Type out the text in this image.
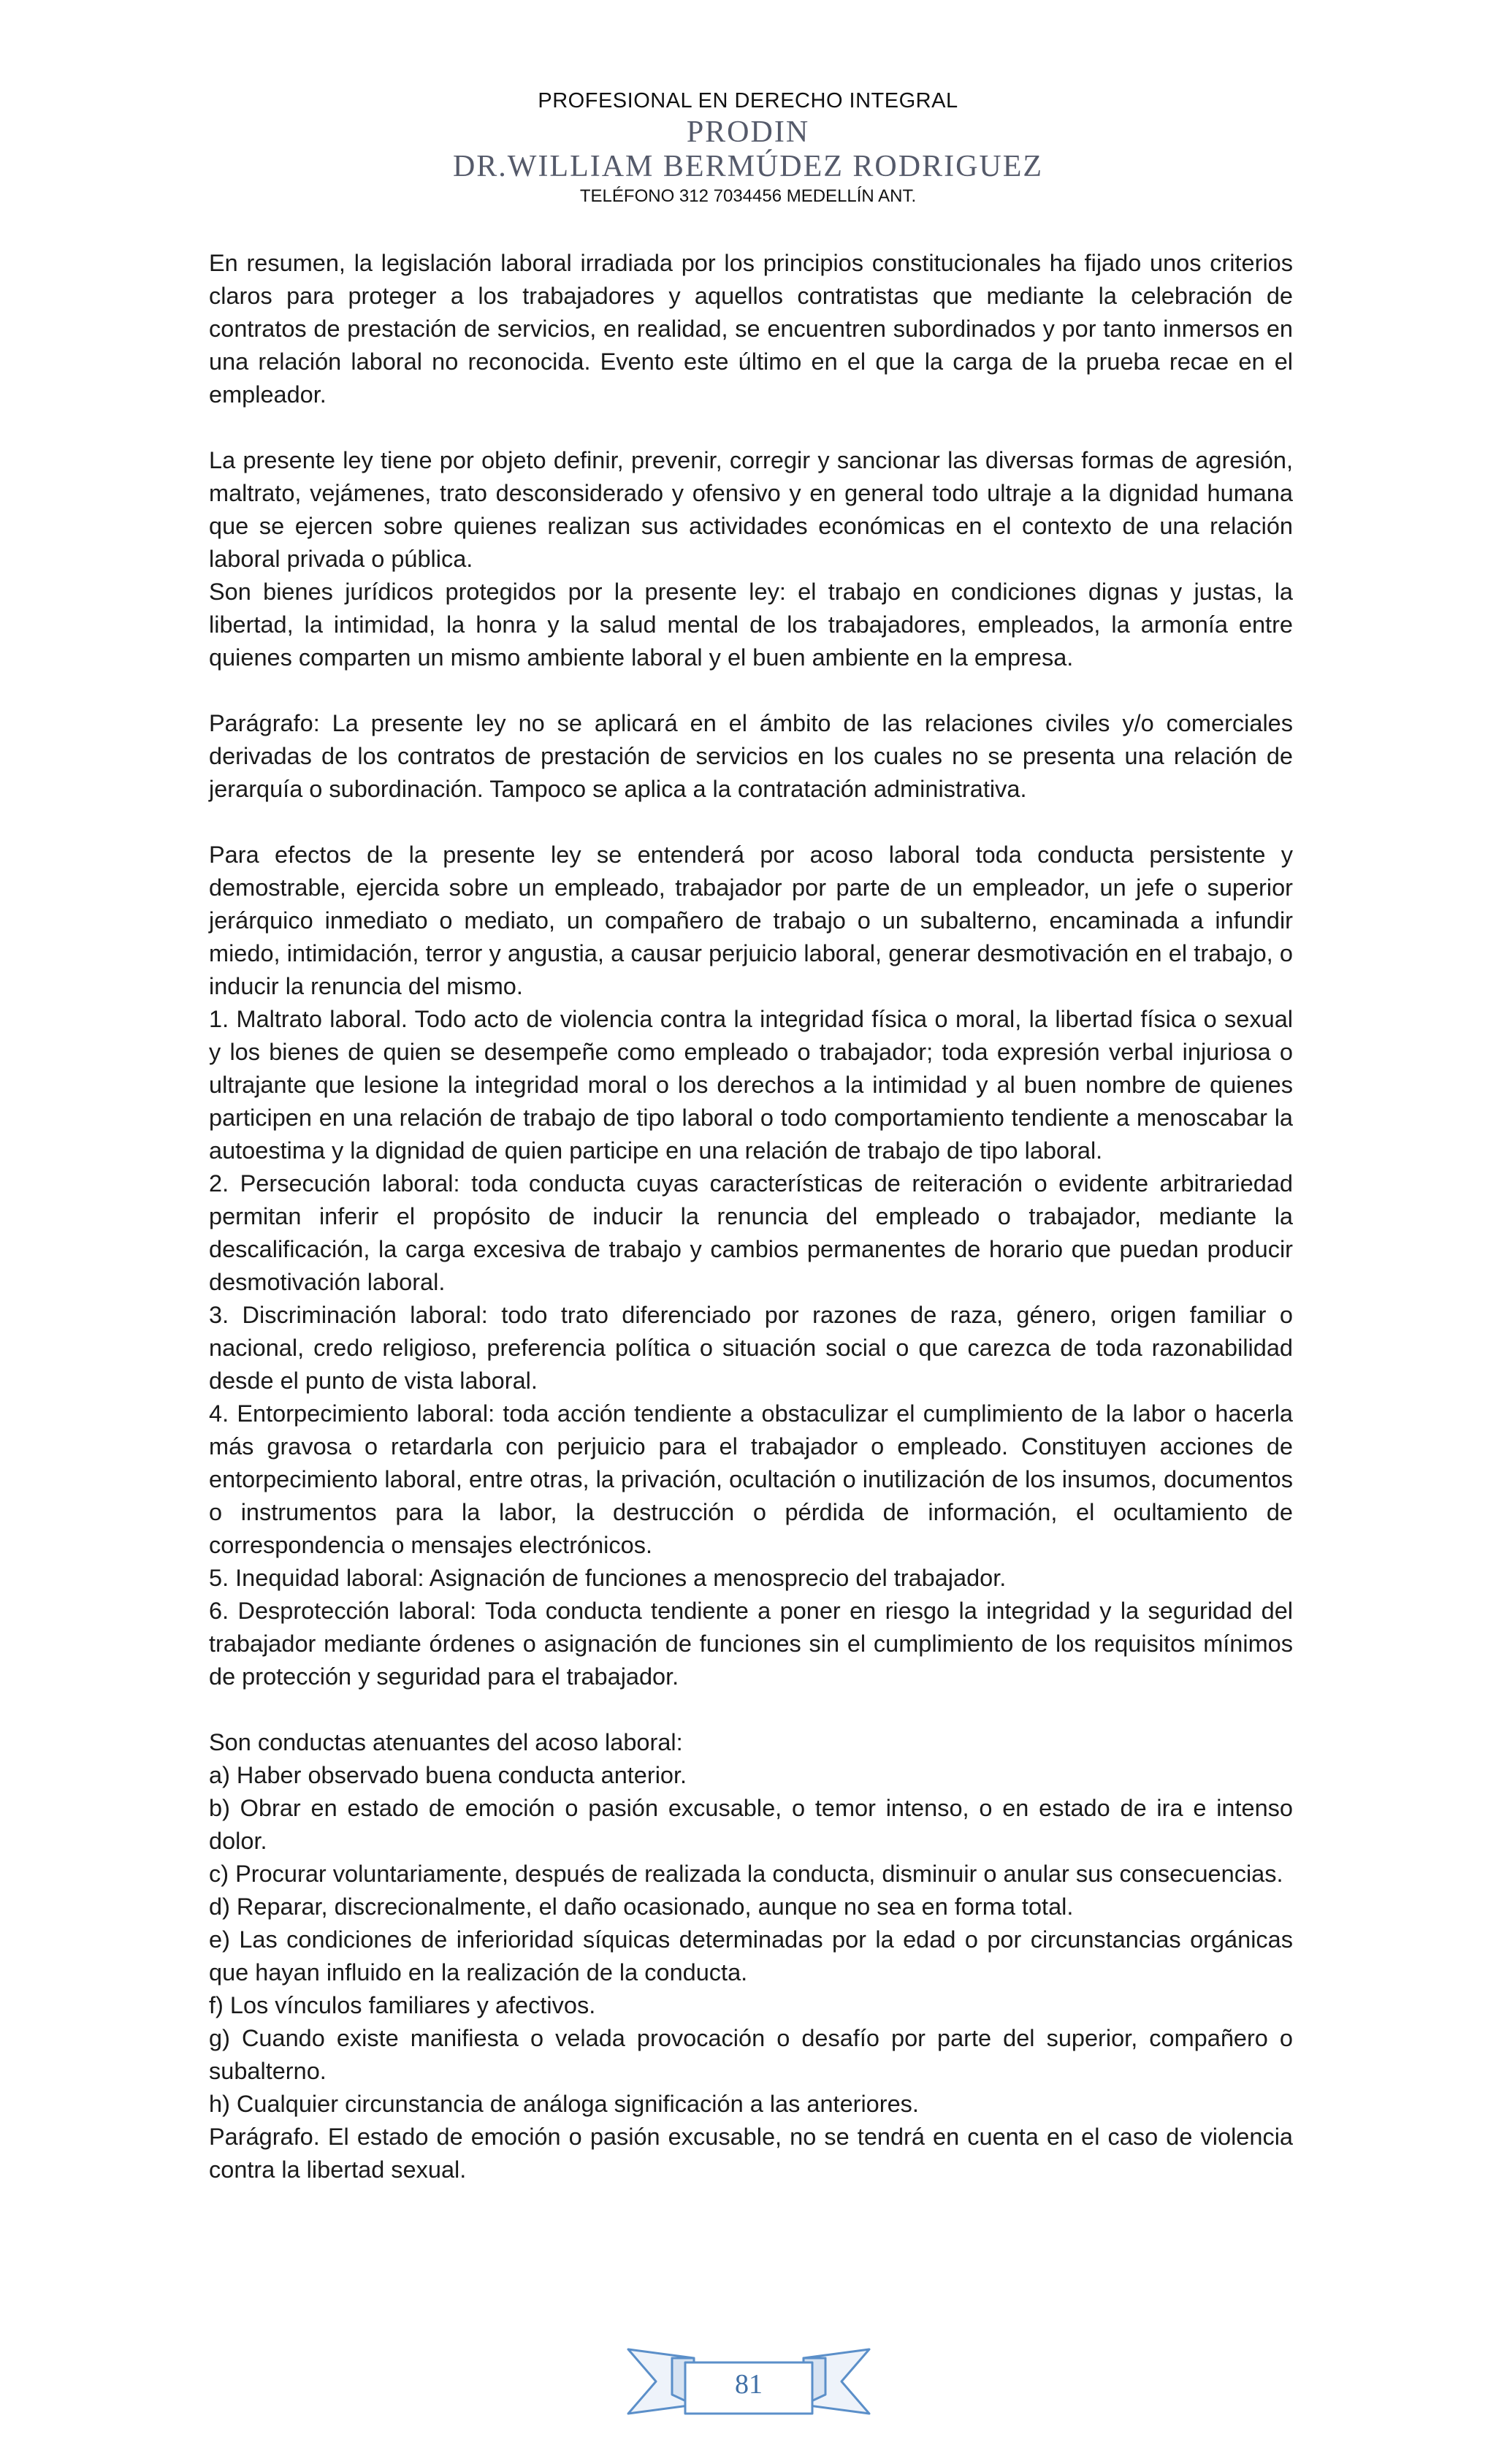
PROFESIONAL EN DERECHO INTEGRAL
PRODIN
DR.WILLIAM BERMÚDEZ RODRIGUEZ
TELÉFONO 312 7034456 MEDELLÍN ANT.

En resumen, la legislación laboral irradiada por los principios constitucionales ha fijado unos criterios claros para proteger a los trabajadores y aquellos contratistas que mediante la celebración de contratos de prestación de servicios, en realidad, se encuentren subordinados y por tanto inmersos en una relación laboral no reconocida. Evento este último en el que la carga de la prueba recae en el empleador.

La presente ley tiene por objeto definir, prevenir, corregir y sancionar las diversas formas de agresión, maltrato, vejámenes, trato desconsiderado y ofensivo y en general todo ultraje a la dignidad humana que se ejercen sobre quienes realizan sus actividades económicas en el contexto de una relación laboral privada o pública.

Son bienes jurídicos protegidos por la presente ley: el trabajo en condiciones dignas y justas, la libertad, la intimidad, la honra y la salud mental de los trabajadores, empleados, la armonía entre quienes comparten un mismo ambiente laboral y el buen ambiente en la empresa.

Parágrafo: La presente ley no se aplicará en el ámbito de las relaciones civiles y/o comerciales derivadas de los contratos de prestación de servicios en los cuales no se presenta una relación de jerarquía o subordinación. Tampoco se aplica a la contratación administrativa.

Para efectos de la presente ley se entenderá por acoso laboral toda conducta persistente y demostrable, ejercida sobre un empleado, trabajador por parte de un empleador, un jefe o superior jerárquico inmediato o mediato, un compañero de trabajo o un subalterno, encaminada a infundir miedo, intimidación, terror y angustia, a causar perjuicio laboral, generar desmotivación en el trabajo, o inducir la renuncia del mismo.

1. Maltrato laboral. Todo acto de violencia contra la integridad física o moral, la libertad física o sexual y los bienes de quien se desempeñe como empleado o trabajador; toda expresión verbal injuriosa o ultrajante que lesione la integridad moral o los derechos a la intimidad y al buen nombre de quienes participen en una relación de trabajo de tipo laboral o todo comportamiento tendiente a menoscabar la autoestima y la dignidad de quien participe en una relación de trabajo de tipo laboral.

2. Persecución laboral: toda conducta cuyas características de reiteración o evidente arbitrariedad permitan inferir el propósito de inducir la renuncia del empleado o trabajador, mediante la descalificación, la carga excesiva de trabajo y cambios permanentes de horario que puedan producir desmotivación laboral.

3. Discriminación laboral: todo trato diferenciado por razones de raza, género, origen familiar o nacional, credo religioso, preferencia política o situación social o que carezca de toda razonabilidad desde el punto de vista laboral.

4. Entorpecimiento laboral: toda acción tendiente a obstaculizar el cumplimiento de la labor o hacerla más gravosa o retardarla con perjuicio para el trabajador o empleado. Constituyen acciones de entorpecimiento laboral, entre otras, la privación, ocultación o inutilización de los insumos, documentos o instrumentos para la labor, la destrucción o pérdida de información, el ocultamiento de correspondencia o mensajes electrónicos.

5. Inequidad laboral: Asignación de funciones a menosprecio del trabajador.

6. Desprotección laboral: Toda conducta tendiente a poner en riesgo la integridad y la seguridad del trabajador mediante órdenes o asignación de funciones sin el cumplimiento de los requisitos mínimos de protección y seguridad para el trabajador.

Son conductas atenuantes del acoso laboral:

a) Haber observado buena conducta anterior.

b) Obrar en estado de emoción o pasión excusable, o temor intenso, o en estado de ira e intenso dolor.

c) Procurar voluntariamente, después de realizada la conducta, disminuir o anular sus consecuencias.

d) Reparar, discrecionalmente, el daño ocasionado, aunque no sea en forma total.

e) Las condiciones de inferioridad síquicas determinadas por la edad o por circunstancias orgánicas que hayan influido en la realización de la conducta.

f) Los vínculos familiares y afectivos.

g) Cuando existe manifiesta o velada provocación o desafío por parte del superior, compañero o subalterno.

h) Cualquier circunstancia de análoga significación a las anteriores.

Parágrafo. El estado de emoción o pasión excusable, no se tendrá en cuenta en el caso de violencia contra la libertad sexual.

81
